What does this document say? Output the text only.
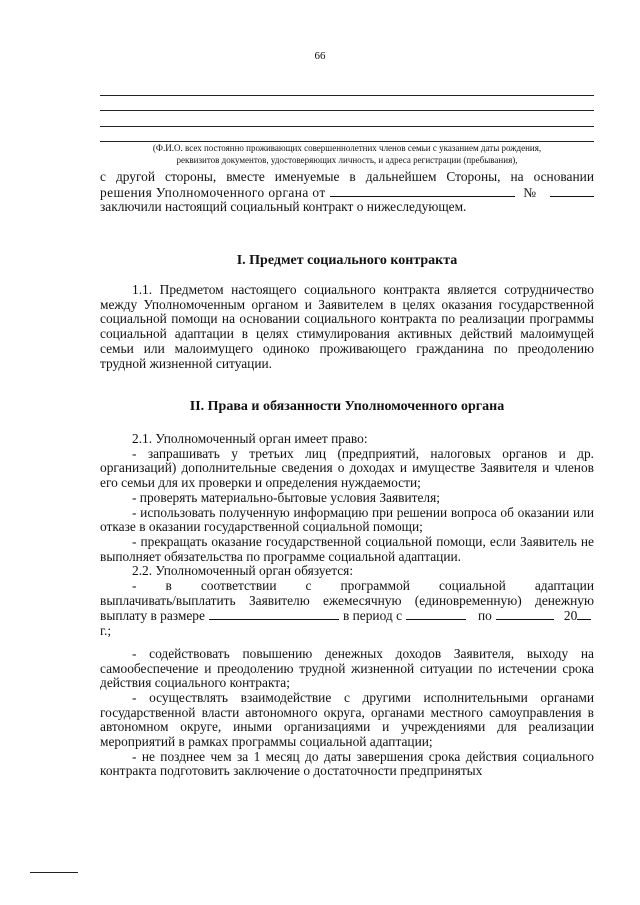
66
(Ф.И.О. всех постоянно проживающих совершеннолетних членов семьи с указанием даты рождения,
реквизитов документов, удостоверяющих личность, и адреса регистрации (пребывания),

с другой стороны, вместе именуемые в дальнейшем Стороны, на основании

решения Уполномоченного органа от	№

заключили настоящий социальный контракт о нижеследующем.

I. Предмет социального контракта

1.1. Предметом настоящего социального контракта является сотрудничество между Уполномоченным органом и Заявителем в целях оказания государственной социальной помощи на основании социального контракта по реализации программы социальной адаптации в целях стимулирования активных действий малоимущей семьи или малоимущего одиноко проживающего гражданина по преодолению трудной жизненной ситуации.

II. Права и обязанности Уполномоченного органа

2.1. Уполномоченный орган имеет право:

- запрашивать у третьих лиц (предприятий, налоговых органов и др. организаций) дополнительные сведения о доходах и имуществе Заявителя и членов его семьи для их проверки и определения нуждаемости;

- проверять материально-бытовые условия Заявителя;

- использовать полученную информацию при решении вопроса об оказании или отказе в оказании государственной социальной помощи;

- прекращать оказание государственной социальной помощи, если Заявитель не выполняет обязательства по программе социальной адаптации.

2.2. Уполномоченный орган обязуется:

- в соответствии с программой социальной адаптации

выплачивать/выплатить Заявителю ежемесячную (единовременную) денежную

выплату в размере	в период с	по	20

г.;

- содействовать повышению денежных доходов Заявителя, выходу на самообеспечение и преодолению трудной жизненной ситуации по истечении срока действия социального контракта;

- осуществлять взаимодействие с другими исполнительными органами государственной власти автономного округа, органами местного самоуправления в автономном округе, иными организациями и учреждениями для реализации мероприятий в рамках программы социальной адаптации;

- не позднее чем за 1 месяц до даты завершения срока действия социального контракта подготовить заключение о достаточности предпринятых
